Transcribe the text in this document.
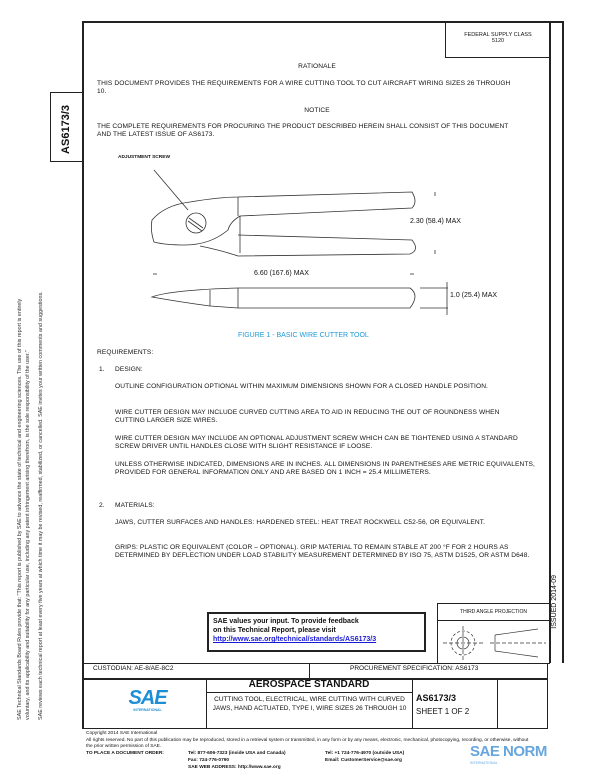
SAE Technical Standards Board Rules provide that: "This report is published by SAE to advance the state of technical and engineering sciences. The use of this report is entirely voluntary, and its applicability and suitability for any particular use, including any patent infringement arising therefrom, is the sole responsibility of the user." SAE reviews each technical report at least every five years at which time it may be revised, reaffirmed, stabilized, or cancelled. SAE invites your written comments and suggestions.
AS6173/3
ISSUED 2014-09
FEDERAL SUPPLY CLASS
5120
RATIONALE
THIS DOCUMENT PROVIDES THE REQUIREMENTS FOR A WIRE CUTTING TOOL TO CUT AIRCRAFT WIRING SIZES 26 THROUGH 10.
NOTICE
THE COMPLETE REQUIREMENTS FOR PROCURING THE PRODUCT DESCRIBED HEREIN SHALL CONSIST OF THIS DOCUMENT AND THE LATEST ISSUE OF AS6173.
ADJUSTMENT SCREW
2.30 (58.4) MAX
6.60 (167.6) MAX
1.0 (25.4) MAX
FIGURE 1 - BASIC WIRE CUTTER TOOL
REQUIREMENTS:
1. DESIGN:
OUTLINE CONFIGURATION OPTIONAL WITHIN MAXIMUM DIMENSIONS SHOWN FOR A CLOSED HANDLE POSITION.
WIRE CUTTER DESIGN MAY INCLUDE CURVED CUTTING AREA TO AID IN REDUCING THE OUT OF ROUNDNESS WHEN CUTTING LARGER SIZE WIRES.
WIRE CUTTER DESIGN MAY INCLUDE AN OPTIONAL ADJUSTMENT SCREW WHICH CAN BE TIGHTENED USING A STANDARD SCREW DRIVER UNTIL HANDLES CLOSE WITH SLIGHT RESISTANCE IF LOOSE.
UNLESS OTHERWISE INDICATED, DIMENSIONS ARE IN INCHES. ALL DIMENSIONS IN PARENTHESES ARE METRIC EQUIVALENTS, PROVIDED FOR GENERAL INFORMATION ONLY AND ARE BASED ON 1 INCH = 25.4 MILLIMETERS.
2. MATERIALS:
JAWS, CUTTER SURFACES AND HANDLES: HARDENED STEEL: HEAT TREAT ROCKWELL C52-56, OR EQUIVALENT.
GRIPS: PLASTIC OR EQUIVALENT (COLOR – OPTIONAL). GRIP MATERIAL TO REMAIN STABLE AT 200 °F FOR 2 HOURS AS DETERMINED BY DEFLECTION UNDER LOAD STABILITY MEASUREMENT DETERMINED BY ISO 75, ASTM D1525, OR ASTM D648.
SAE values your input. To provide feedback
on this Technical Report, please visit
http://www.sae.org/technical/standards/AS6173/3
THIRD ANGLE PROJECTION
CUSTODIAN: AE-8/AE-8C2	PROCUREMENT SPECIFICATION: AS6173
SAE
INTERNATIONAL
AEROSPACE STANDARD
CUTTING TOOL, ELECTRICAL, WIRE CUTTING WITH CURVED JAWS, HAND ACTUATED, TYPE I, WIRE SIZES 26 THROUGH 10
AS6173/3
SHEET 1 OF 2
Copyright 2014 SAE International
All rights reserved. No part of this publication may be reproduced, stored in a retrieval system or transmitted, in any form or by any means, electronic, mechanical, photocopying, recording, or otherwise, without the prior written permission of SAE.
TO PLACE A DOCUMENT ORDER:	Tel: 877-606-7323 (inside USA and Canada)
Fax: 724-776-0790
SAE WEB ADDRESS: http://www.sae.org
Tel: +1 724-776-4970 (outside USA)
Email: CustomerService@sae.org
SAE NORM
INTERNATIONAL
